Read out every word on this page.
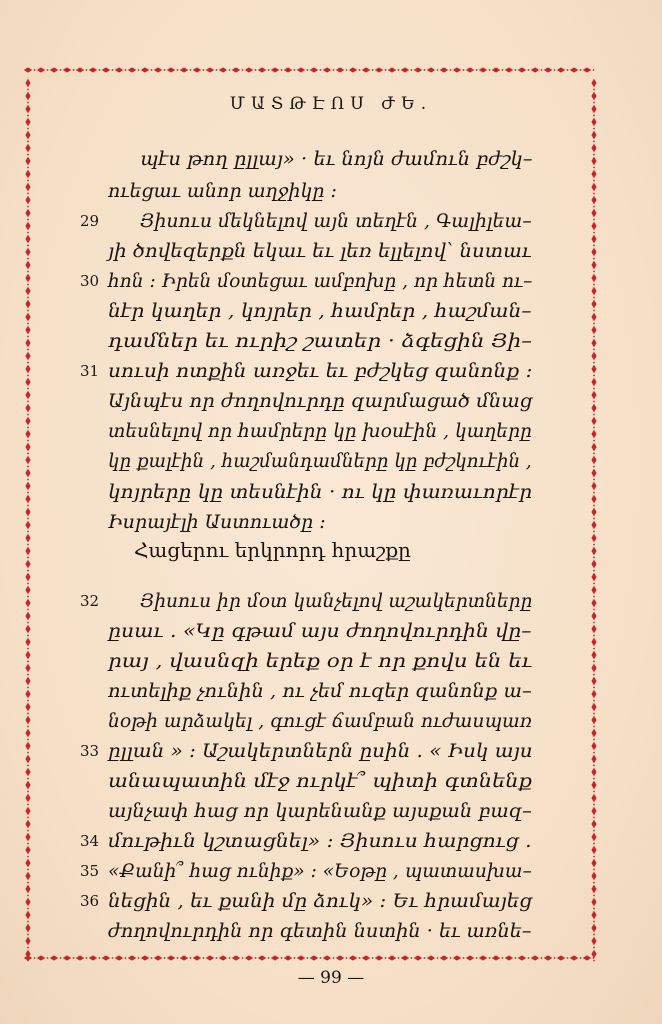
ՄԱՏԹԷՈՍ ԺԵ.
պէս թող ըլլայ» · եւ նոյն ժամուն բժշկ–
ուեցաւ անոր աղջիկը :
29 Յիսուս մեկնելով այն տեղէն , Գալիլեա–
յի ծովեզերքն եկաւ եւ լեռ ելլելով՝ նստաւ
30 հոն : Իրեն մօտեցաւ ամբոխը , որ հետն ու–
նէր կաղեր , կոյրեր , համրեր , հաշման–
դամներ եւ ուրիշ շատեր · ձգեցին Յի–
31 սուսի ոտքին առջեւ եւ բժշկեց զանոնք :
Այնպէս որ ժողովուրդը զարմացած մնաց
տեսնելով որ համրերը կը խօսէին , կաղերը
կը քալէին , հաշմանդամները կը բժշկուէին ,
կոյրերը կը տեսնէին · ու կը փառաւորէր
Իսրայէլի Աստուածը :
32 Յիսուս իր մօտ կանչելով աշակերտները
ըսաւ . «Կը գթամ այս ժողովուրդին վը–
րայ , վասնզի երեք օր է որ քովս են եւ
ուտելիք չունին , ու չեմ ուզեր զանոնք ա–
նօթի արձակել , գուցէ ճամբան ուժասպառ
33 ըլլան » : Աշակերտներն ըսին . « Իսկ այս
անապատին մէջ ուրկէ՞ պիտի գտնենք
այնչափ հաց որ կարենանք այսքան բազ–
34 մութիւն կշտացնել» : Յիսուս հարցուց .
35 «Քանի՞ հաց ունիք» : «Եօթը , պատասխա–
36 նեցին , եւ քանի մը ձուկ» : Եւ հրամայեց
ժողովուրդին որ գետին նստին · եւ առնե–
Հացերու երկրորդ հրաշքը
— 99 —
